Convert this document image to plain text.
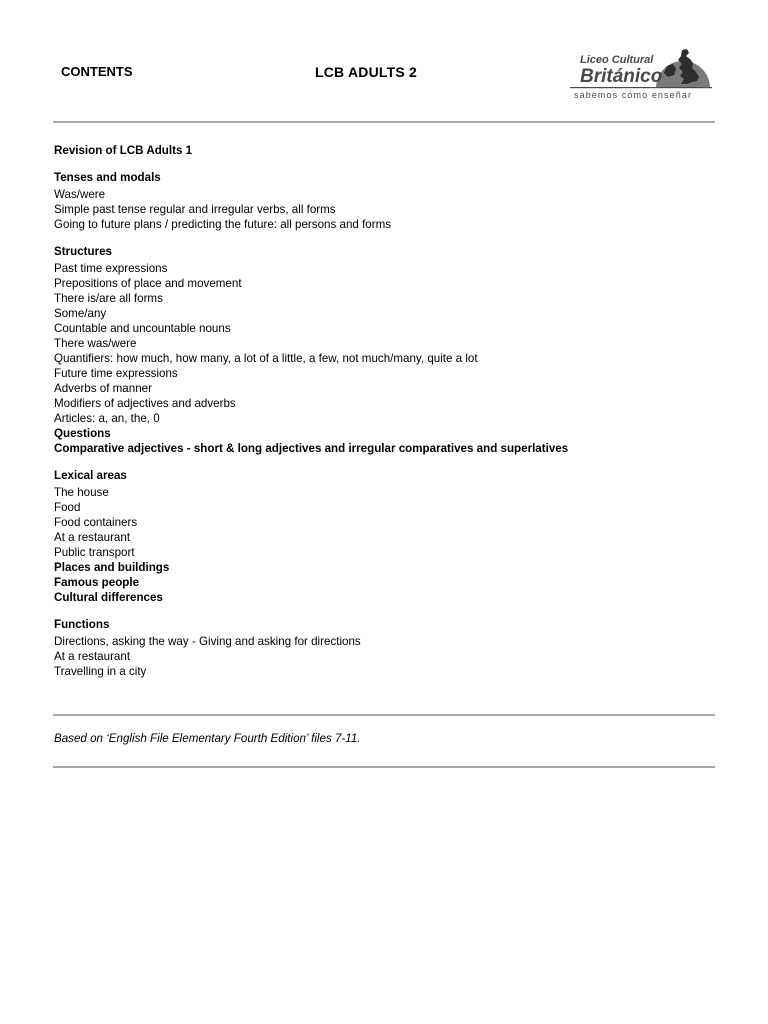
CONTENTS	LCB ADULTS 2
Liceo Cultural
Británico
sabemos cómo enseñar
Revision of LCB Adults 1
Tenses and modals
Was/were
Simple past tense regular and irregular verbs, all forms
Going to future plans / predicting the future: all persons and forms
Structures
Past time expressions
Prepositions of place and movement
There is/are all forms
Some/any
Countable and uncountable nouns
There was/were
Quantifiers: how much, how many, a lot of a little, a few, not much/many, quite a lot
Future time expressions
Adverbs of manner
Modifiers of adjectives and adverbs
Articles: a, an, the, 0
Questions
Comparative adjectives - short & long adjectives and irregular comparatives and superlatives
Lexical areas
The house
Food
Food containers
At a restaurant
Public transport
Places and buildings
Famous people
Cultural differences
Functions
Directions, asking the way - Giving and asking for directions
At a restaurant
Travelling in a city
Based on ‘English File Elementary Fourth Edition’ files 7-11.
